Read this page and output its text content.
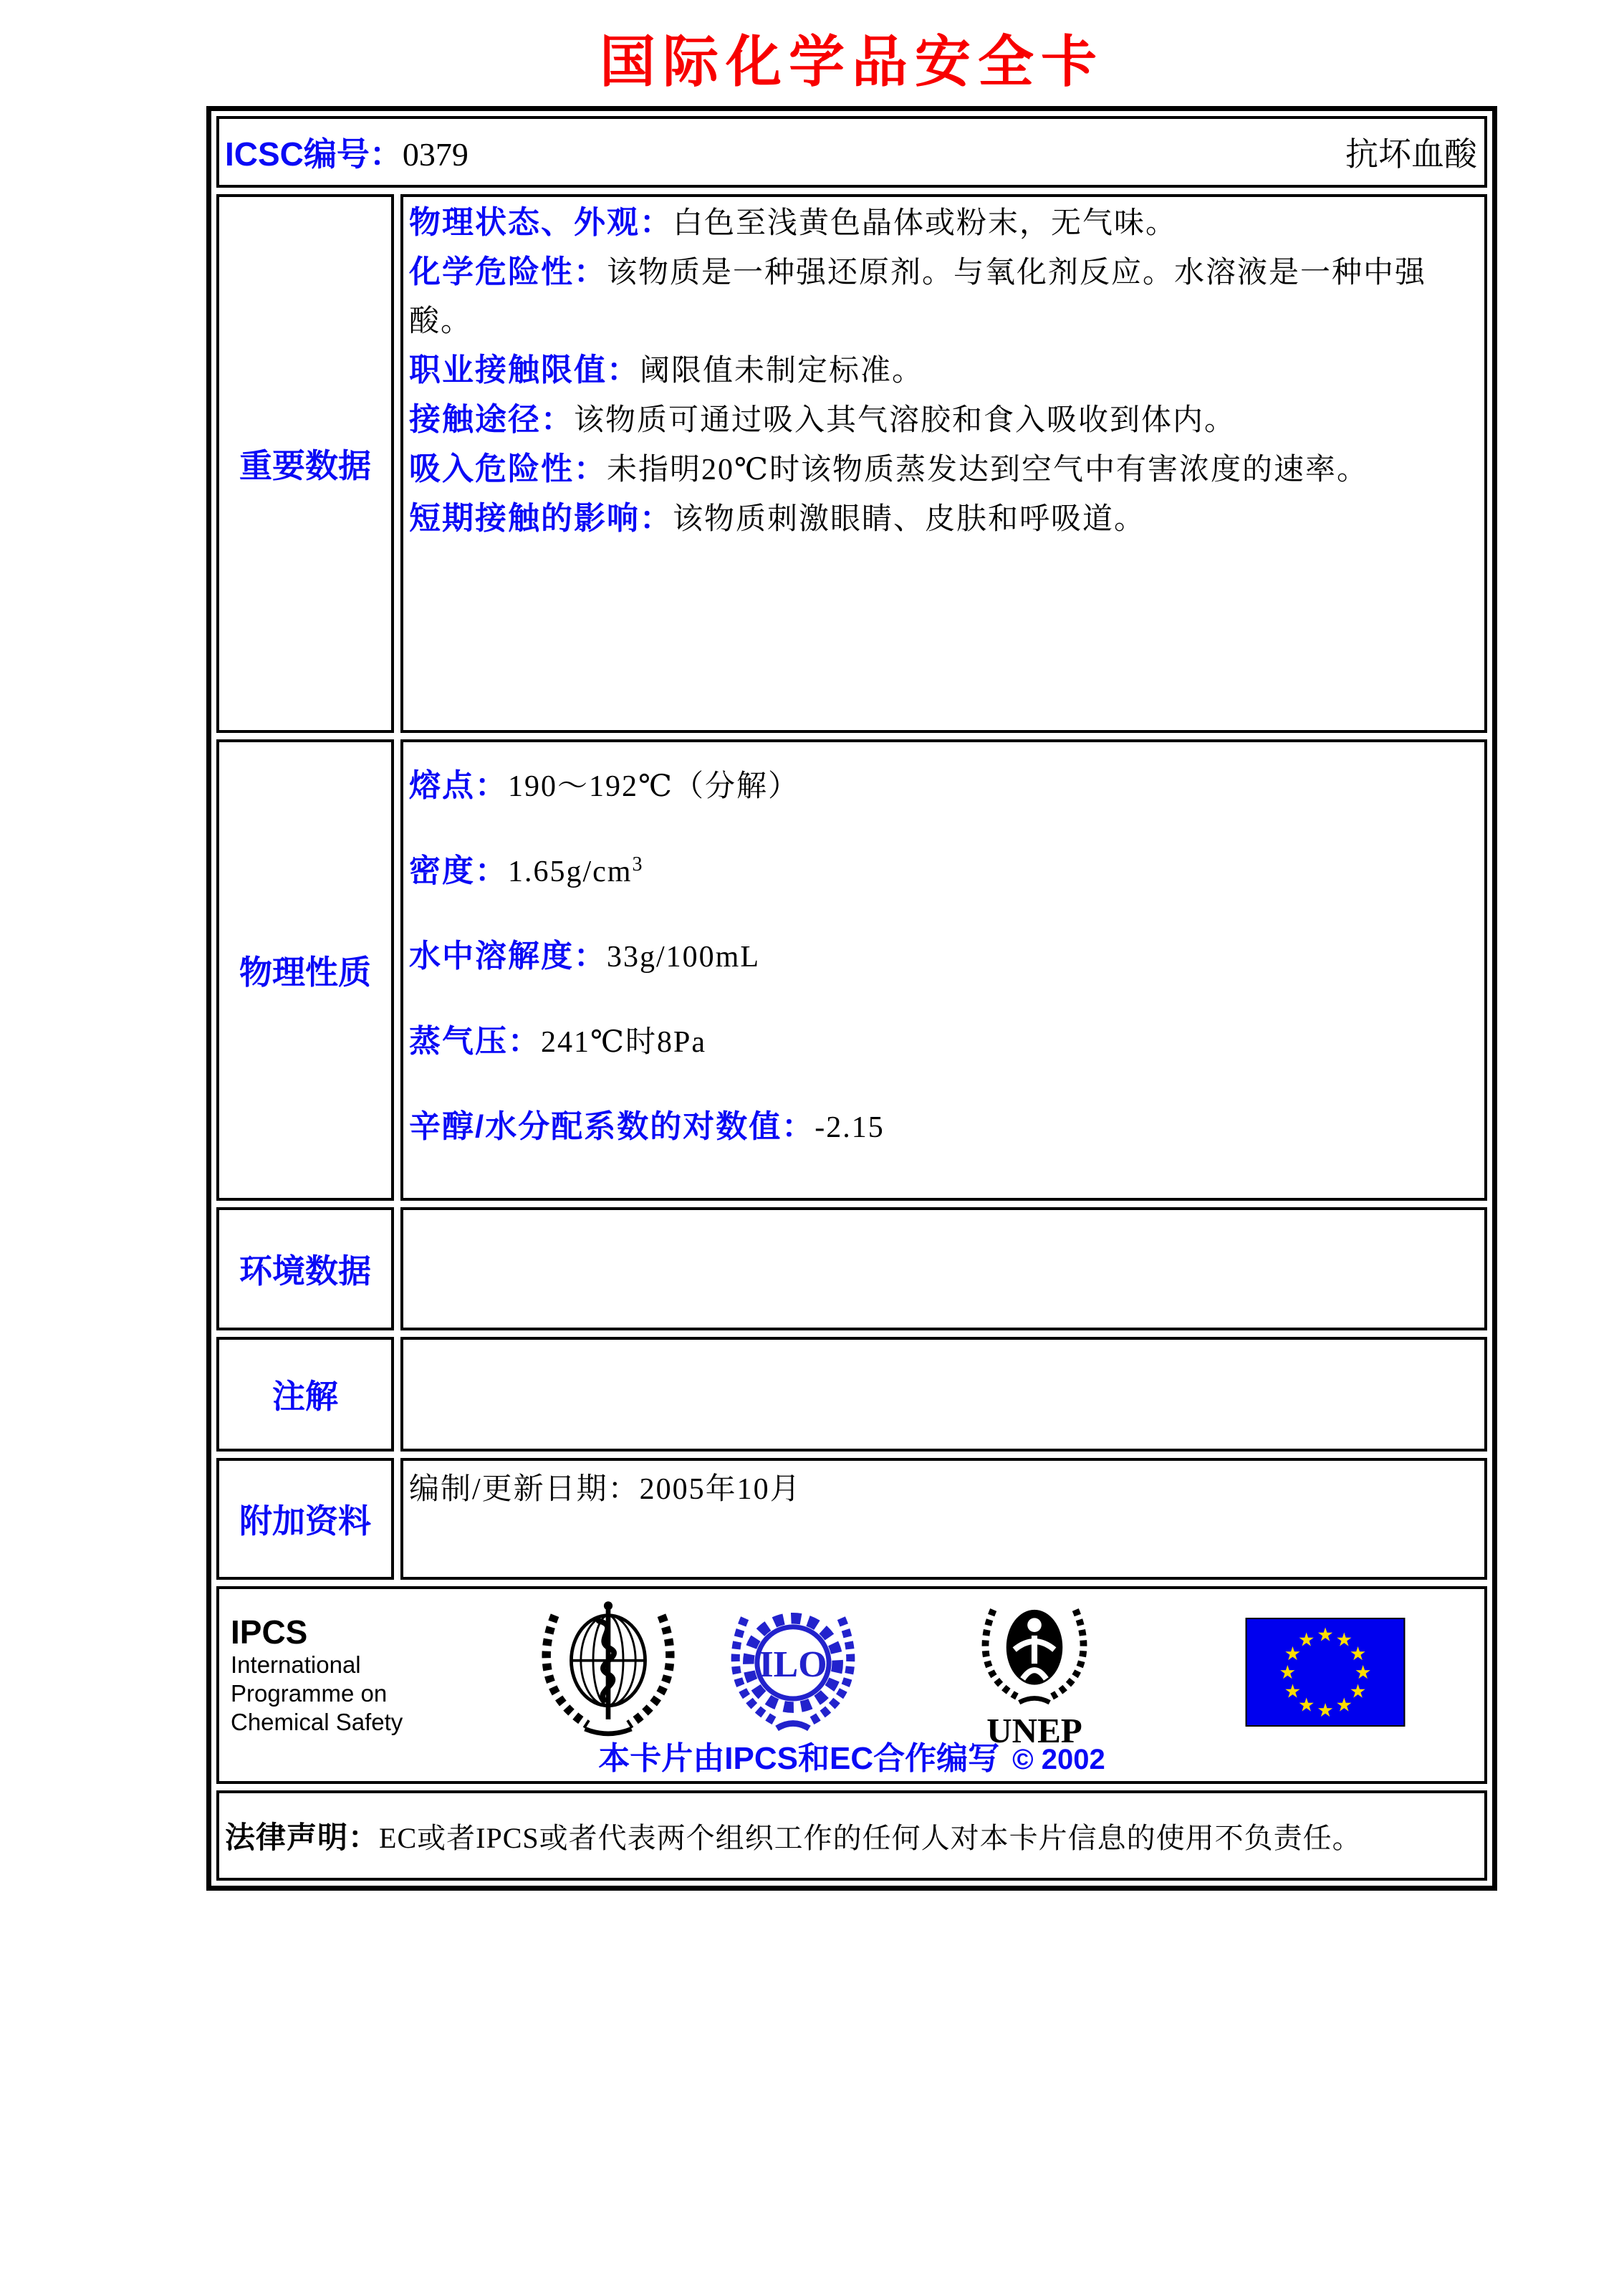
国际化学品安全卡
ICSC编号：0379	抗坏血酸
重要数据

物理状态、外观：白色至浅黄色晶体或粉末，无气味。

化学危险性：该物质是一种强还原剂。与氧化剂反应。水溶液是一种中强酸。

职业接触限值：阈限值未制定标准。

接触途径：该物质可通过吸入其气溶胶和食入吸收到体内。

吸入危险性：未指明20℃时该物质蒸发达到空气中有害浓度的速率。

短期接触的影响：该物质刺激眼睛、皮肤和呼吸道。

物理性质

熔点：190～192℃（分解）

密度：$1.65g/cm^3$

水中溶解度：33g/100mL

蒸气压：241℃时8Pa

辛醇/水分配系数的对数值：-2.15

环境数据
注解
附加资料

编制/更新日期：2005年10月

IPCS
International
Programme on
Chemical Safety
ILO
UNEP
★ ★
★
★
★
★
★
★
★
★
★
★
本卡片由IPCS和EC合作编写 © 2002
法律声明： EC或者IPCS或者代表两个组织工作的任何人对本卡片信息的使用不负责任。
